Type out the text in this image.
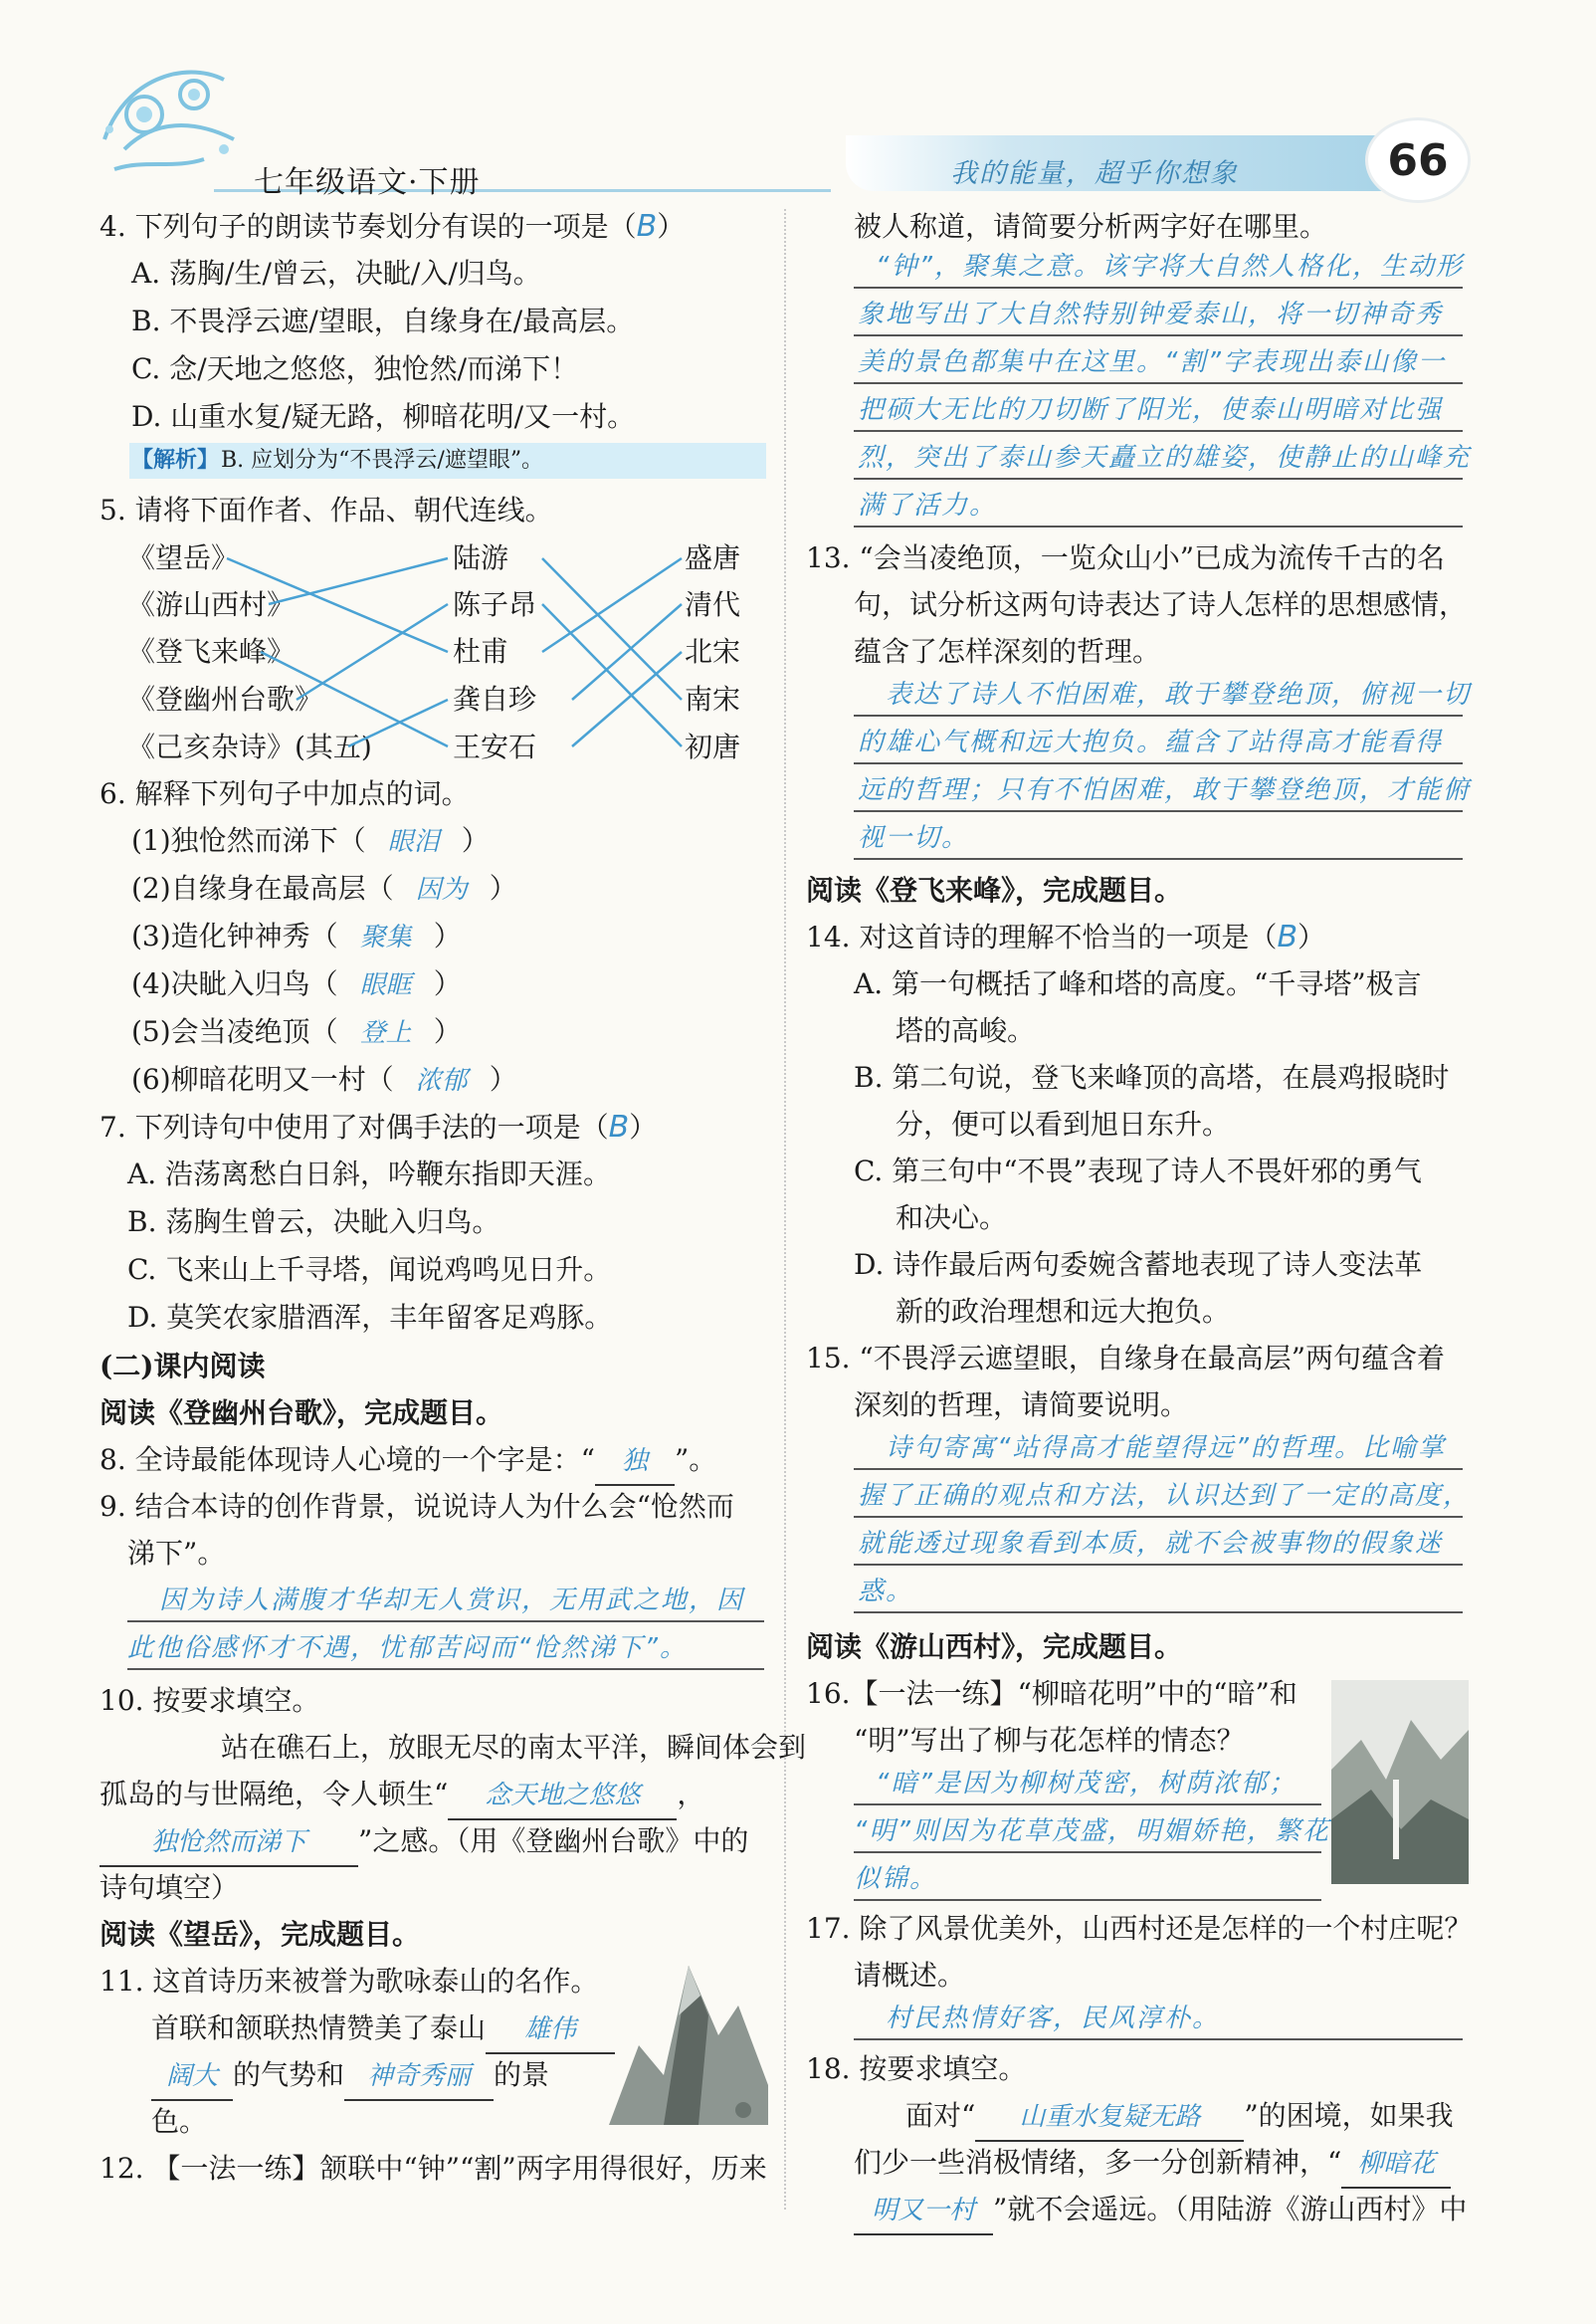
七年级语文·下册	我的能量，超乎你想象	66
4. 下列句子的朗读节奏划分有误的一项是（B）
A. 荡胸/生/曾云，决眦/入/归鸟。
B. 不畏浮云遮/望眼，自缘身在/最高层。
C. 念/天地之悠悠，独怆然/而涕下！
D. 山重水复/疑无路，柳暗花明/又一村。
【解析】 B. 应划分为“不畏浮云/遮望眼”。
5. 请将下面作者、作品、朝代连线。
《望岳》
《游山西村》
《登飞来峰》
《登幽州台歌》
《己亥杂诗》(其五)
陆游
陈子昂
杜甫
龚自珍
王安石
盛唐
清代
北宋
南宋
初唐
6. 解释下列句子中加点的词。
(1)独怆然而涕下（ 眼泪 ）
(2)自缘身在最高层（ 因为 ）
(3)造化钟神秀（ 聚集 ）
(4)决眦入归鸟（ 眼眶 ）
(5)会当凌绝顶（ 登上 ）
(6)柳暗花明又一村（ 浓郁 ）
7. 下列诗句中使用了对偶手法的一项是（B）
A. 浩荡离愁白日斜，吟鞭东指即天涯。
B. 荡胸生曾云，决眦入归鸟。
C. 飞来山上千寻塔，闻说鸡鸣见日升。
D. 莫笑农家腊酒浑，丰年留客足鸡豚。
(二)课内阅读
阅读《登幽州台歌》，完成题目。
8. 全诗最能体现诗人心境的一个字是：“ 独 ”。
9. 结合本诗的创作背景，说说诗人为什么会“怆然而
涕下”。
因为诗人满腹才华却无人赏识，无用武之地，因
此他俗感怀才不遇，忧郁苦闷而“怆然涕下”。
10. 按要求填空。
站在礁石上，放眼无尽的南太平洋，瞬间体会到
孤岛的与世隔绝，令人顿生“ 念天地之悠悠 ，
独怆然而涕下 ”之感。（用《登幽州台歌》中的
诗句填空）
阅读《望岳》，完成题目。
11. 这首诗历来被誉为歌咏泰山的名作。
首联和颔联热情赞美了泰山 雄伟
阔大 的气势和 神奇秀丽 的景
色。
12. 【一法一练】颔联中“钟”“割”两字用得很好，历来
被人称道，请简要分析两字好在哪里。
“钟”，聚集之意。该字将大自然人格化，生动形
象地写出了大自然特别钟爱泰山，将一切神奇秀
美的景色都集中在这里。“割”字表现出泰山像一
把硕大无比的刀切断了阳光，使泰山明暗对比强
烈，突出了泰山参天矗立的雄姿，使静止的山峰充
满了活力。
13. “会当凌绝顶，一览众山小”已成为流传千古的名
句，试分析这两句诗表达了诗人怎样的思想感情，
蕴含了怎样深刻的哲理。
表达了诗人不怕困难，敢于攀登绝顶，俯视一切
的雄心气概和远大抱负。蕴含了站得高才能看得
远的哲理；只有不怕困难，敢于攀登绝顶，才能俯
视一切。
阅读《登飞来峰》，完成题目。
14. 对这首诗的理解不恰当的一项是（B）
A. 第一句概括了峰和塔的高度。“千寻塔”极言
塔的高峻。
B. 第二句说，登飞来峰顶的高塔，在晨鸡报晓时
分，便可以看到旭日东升。
C. 第三句中“不畏”表现了诗人不畏奸邪的勇气
和决心。
D. 诗作最后两句委婉含蓄地表现了诗人变法革
新的政治理想和远大抱负。
15. “不畏浮云遮望眼，自缘身在最高层”两句蕴含着
深刻的哲理，请简要说明。
诗句寄寓“站得高才能望得远”的哲理。比喻掌
握了正确的观点和方法，认识达到了一定的高度，
就能透过现象看到本质，就不会被事物的假象迷
惑。
阅读《游山西村》，完成题目。
16.【一法一练】“柳暗花明”中的“暗”和
“明”写出了柳与花怎样的情态？
“暗”是因为柳树茂密，树荫浓郁；
“明”则因为花草茂盛，明媚娇艳，繁花
似锦。
17. 除了风景优美外，山西村还是怎样的一个村庄呢？
请概述。
村民热情好客，民风淳朴。
18. 按要求填空。
面对“ 山重水复疑无路 ”的困境，如果我
们少一些消极情绪，多一分创新精神，“ 柳暗花
明又一村 ”就不会遥远。（用陆游《游山西村》中
